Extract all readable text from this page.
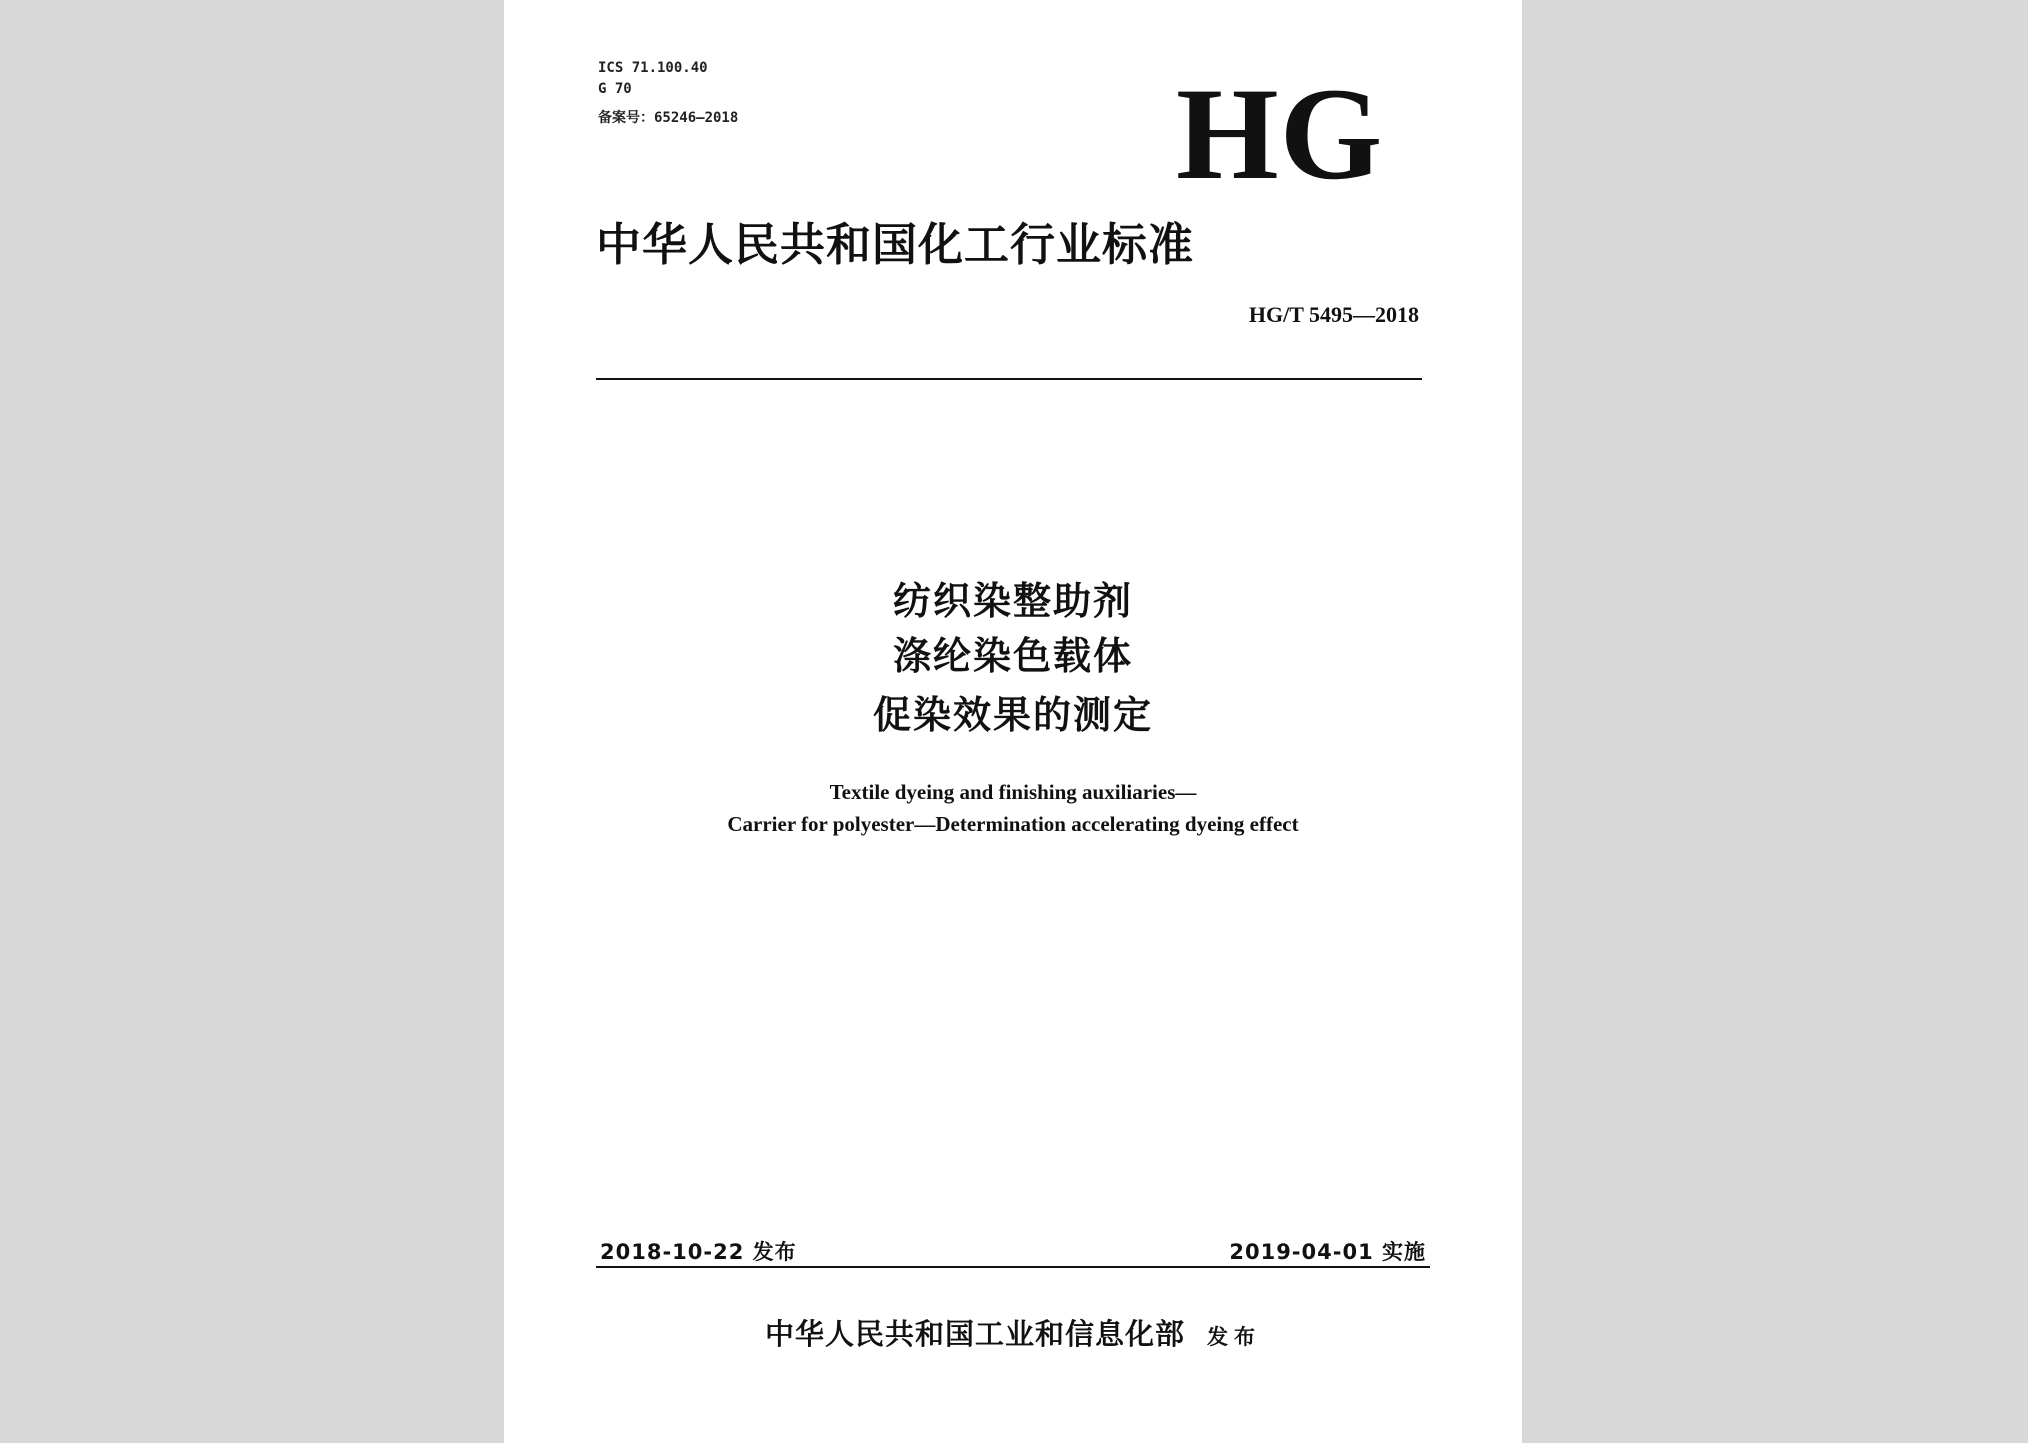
ICS 71.100.40
G 70
备案号：65246—2018	HG
中华人民共和国化工行业标准
HG/T 5495—2018
纺织染整助剂
涤纶染色载体
促染效果的测定
Textile dyeing and finishing auxiliaries—
Carrier for polyester—Determination accelerating dyeing effect
2018-10-22 发布	2019-04-01 实施
中华人民共和国工业和信息化部 发布
